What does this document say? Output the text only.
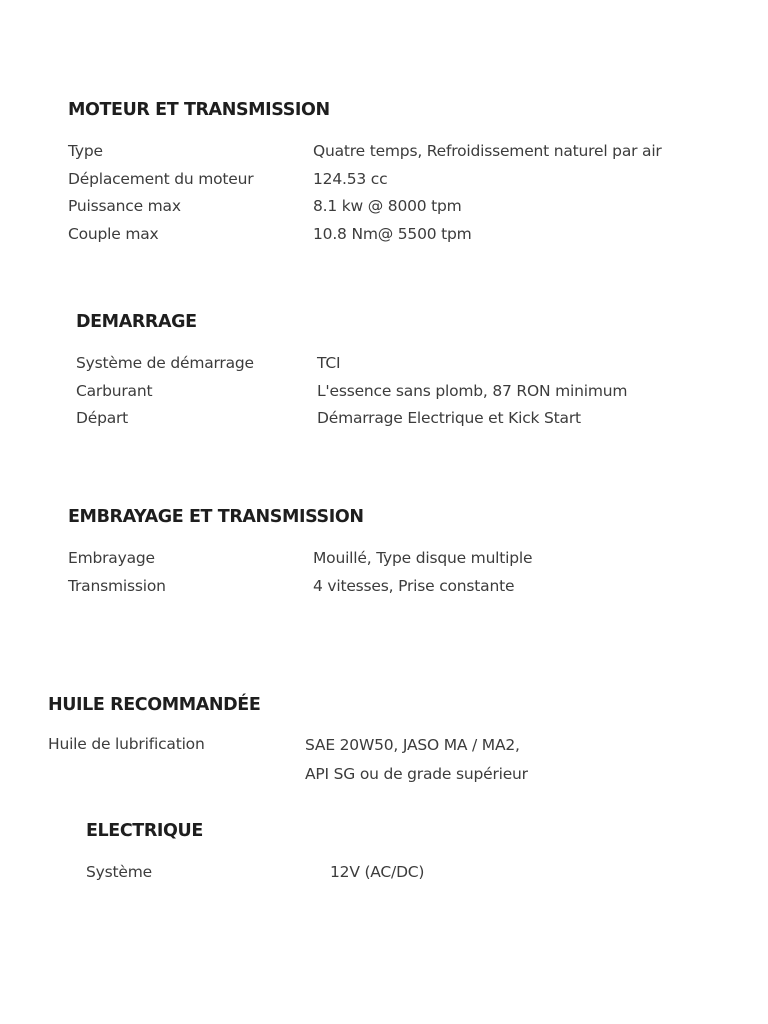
MOTEUR ET TRANSMISSION
Type	Quatre temps, Refroidissement naturel par air
Déplacement du moteur	124.53 cc
Puissance max	8.1 kw @ 8000 tpm
Couple max	10.8 Nm@ 5500 tpm
DEMARRAGE
Système de démarrage	TCI
Carburant	L'essence sans plomb, 87 RON minimum
Départ	Démarrage Electrique et Kick Start
EMBRAYAGE ET TRANSMISSION
Embrayage	Mouillé, Type disque multiple
Transmission	4 vitesses, Prise constante
HUILE RECOMMANDÉE
Huile de lubrification	SAE 20W50, JASO MA / MA2,
API SG ou de grade supérieur
ELECTRIQUE
Système	12V (AC/DC)
